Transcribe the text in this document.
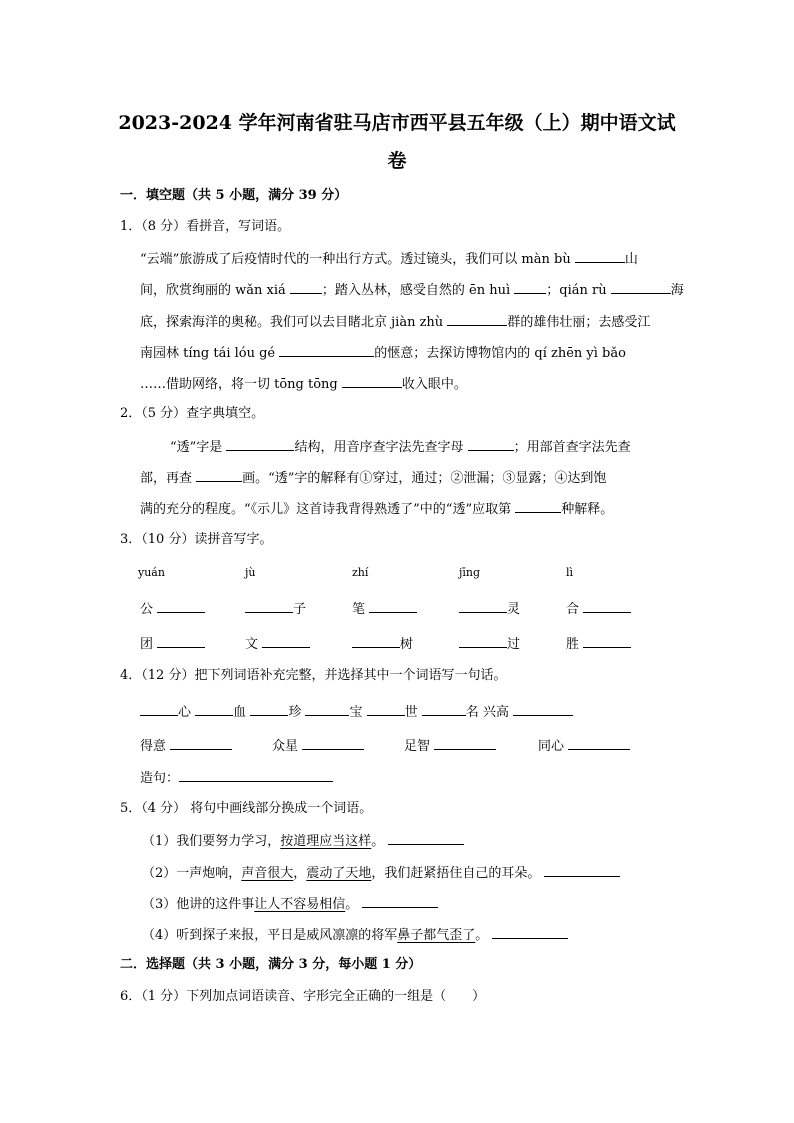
2023-2024 学年河南省驻马店市西平县五年级（上）期中语文试
卷
一．填空题（共 5 小题，满分 39 分）
1．（8 分）看拼音，写词语。
“云端”旅游成了后疫情时代的一种出行方式。透过镜头，我们可以 màn bù	山
间，欣赏绚丽的 wǎn xiá ；踏入丛林，感受自然的 ēn huì ；qián rù	海
底，探索海洋的奥秘。我们可以去目睹北京 jiàn zhù	群的雄伟壮丽；去感受江
南园林 tíng tái lóu gé	的惬意；去探访博物馆内的 qí zhēn yì bǎo
……借助网络，将一切 tōng tōng	收入眼中。
2．（5 分）查字典填空。
“透”字是	结构，用音序查字法先查字母	；用部首查字法先查
部，再查	画。“透”字的解释有①穿过，通过；②泄漏；③显露；④达到饱
满的充分的程度。“《示儿》这首诗我背得熟透了”中的“透”应取第	种解释。
3．（10 分）读拼音写字。
yuán	jù	zhí	jīng	lì
公	子	笔	灵	合
团	文	树	过	胜
4．（12 分）把下列词语补充完整，并选择其中一个词语写一句话。
心	血	珍	宝	世	名 兴高
得意	众星	足智	同心
造句：
5．（4 分） 将句中画线部分换成一个词语。
（1）我们要努力学习，按道理应当这样。
（2）一声炮响，声音很大，震动了天地，我们赶紧捂住自己的耳朵。
（3）他讲的这件事让人不容易相信。
（4）听到探子来报，平日是威风凛凛的将军鼻子都气歪了。
二．选择题（共 3 小题，满分 3 分，每小题 1 分）
6．（1 分）下列加点词语读音、字形完全正确的一组是（　　）
